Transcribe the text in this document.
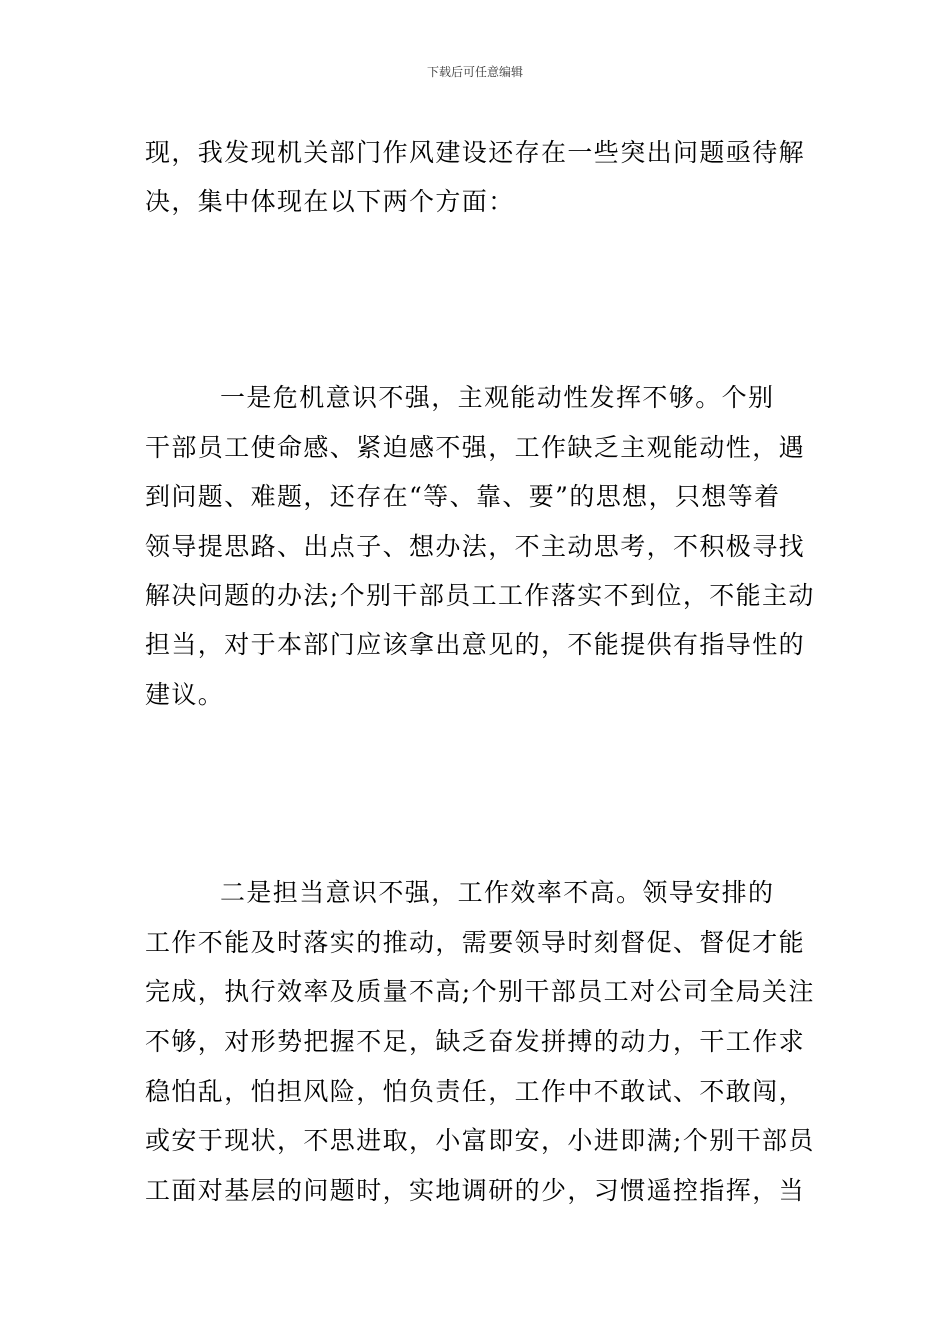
下载后可任意编辑
现，我发现机关部门作风建设还存在一些突出问题亟待解
决，集中体现在以下两个方面：
一是危机意识不强，主观能动性发挥不够。个别
干部员工使命感、紧迫感不强，工作缺乏主观能动性，遇
到问题、难题，还存在“等、靠、要”的思想，只想等着
领导提思路、出点子、想办法，不主动思考，不积极寻找
解决问题的办法;个别干部员工工作落实不到位，不能主动
担当，对于本部门应该拿出意见的，不能提供有指导性的
建议。
二是担当意识不强，工作效率不高。领导安排的
工作不能及时落实的推动，需要领导时刻督促、督促才能
完成，执行效率及质量不高;个别干部员工对公司全局关注
不够，对形势把握不足，缺乏奋发拼搏的动力，干工作求
稳怕乱，怕担风险，怕负责任，工作中不敢试、不敢闯，
或安于现状，不思进取，小富即安，小进即满;个别干部员
工面对基层的问题时，实地调研的少，习惯遥控指挥，当
